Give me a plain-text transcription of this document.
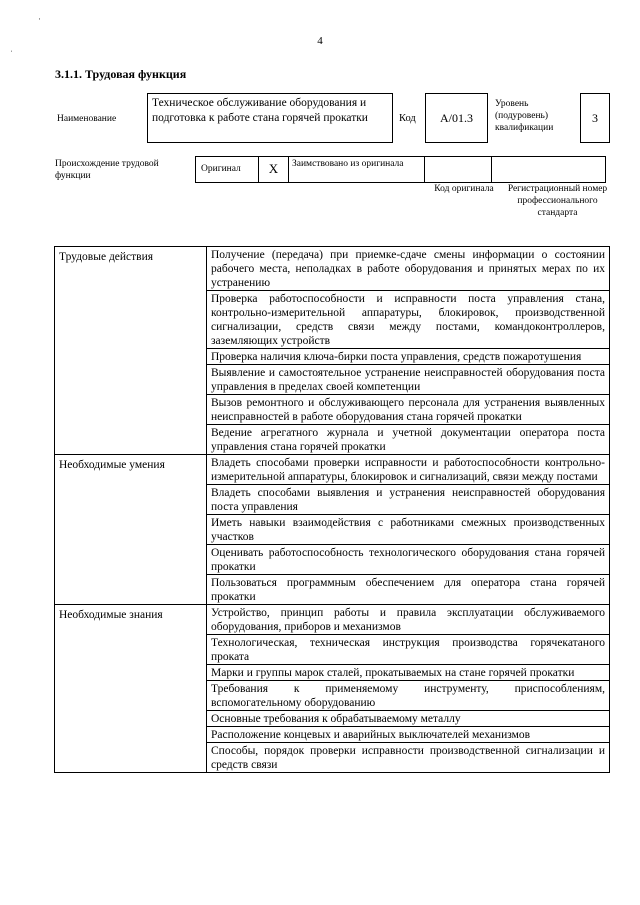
·
ˌ	4
3.1.1. Трудовая функция
Наименование
Техническое обслуживание оборудования и подготовка к работе стана горячей прокатки	Код	А/01.3
Уровень (подуровень) квалификации
3
Происхождение трудовой функции
Оригинал	Х	Заимствовано из оригинала
Код оригинала	Регистрационный номер профессионального стандарта
Трудовые действия	Получение (передача) при приемке-сдаче смены информации о состоянии рабочего места, неполадках в работе оборудования и принятых мерах по их устранению
	Проверка работоспособности и исправности поста управления стана, контрольно-измерительной аппаратуры, блокировок, производственной сигнализации, средств связи между постами, командоконтроллеров, заземляющих устройств
	Проверка наличия ключа-бирки поста управления, средств пожаротушения
	Выявление и самостоятельное устранение неисправностей оборудования поста управления в пределах своей компетенции
	Вызов ремонтного и обслуживающего персонала для устранения выявленных неисправностей в работе оборудования стана горячей прокатки
	Ведение агрегатного журнала и учетной документации оператора поста управления стана горячей прокатки
Необходимые умения	Владеть способами проверки исправности и работоспособности контрольно-измерительной аппаратуры, блокировок и сигнализаций, связи между постами
	Владеть способами выявления и устранения неисправностей оборудования поста управления
	Иметь навыки взаимодействия с работниками смежных производственных участков
	Оценивать работоспособность технологического оборудования стана горячей прокатки
	Пользоваться программным обеспечением для оператора стана горячей прокатки
Необходимые знания	Устройство, принцип работы и правила эксплуатации обслуживаемого оборудования, приборов и механизмов
	Технологическая, техническая инструкция производства горячекатаного проката
	Марки и группы марок сталей, прокатываемых на стане горячей прокатки
	Требования к применяемому инструменту, приспособлениям, вспомогательному оборудованию
	Основные требования к обрабатываемому металлу
	Расположение концевых и аварийных выключателей механизмов
	Способы, порядок проверки исправности производственной сигнализации и средств связи
